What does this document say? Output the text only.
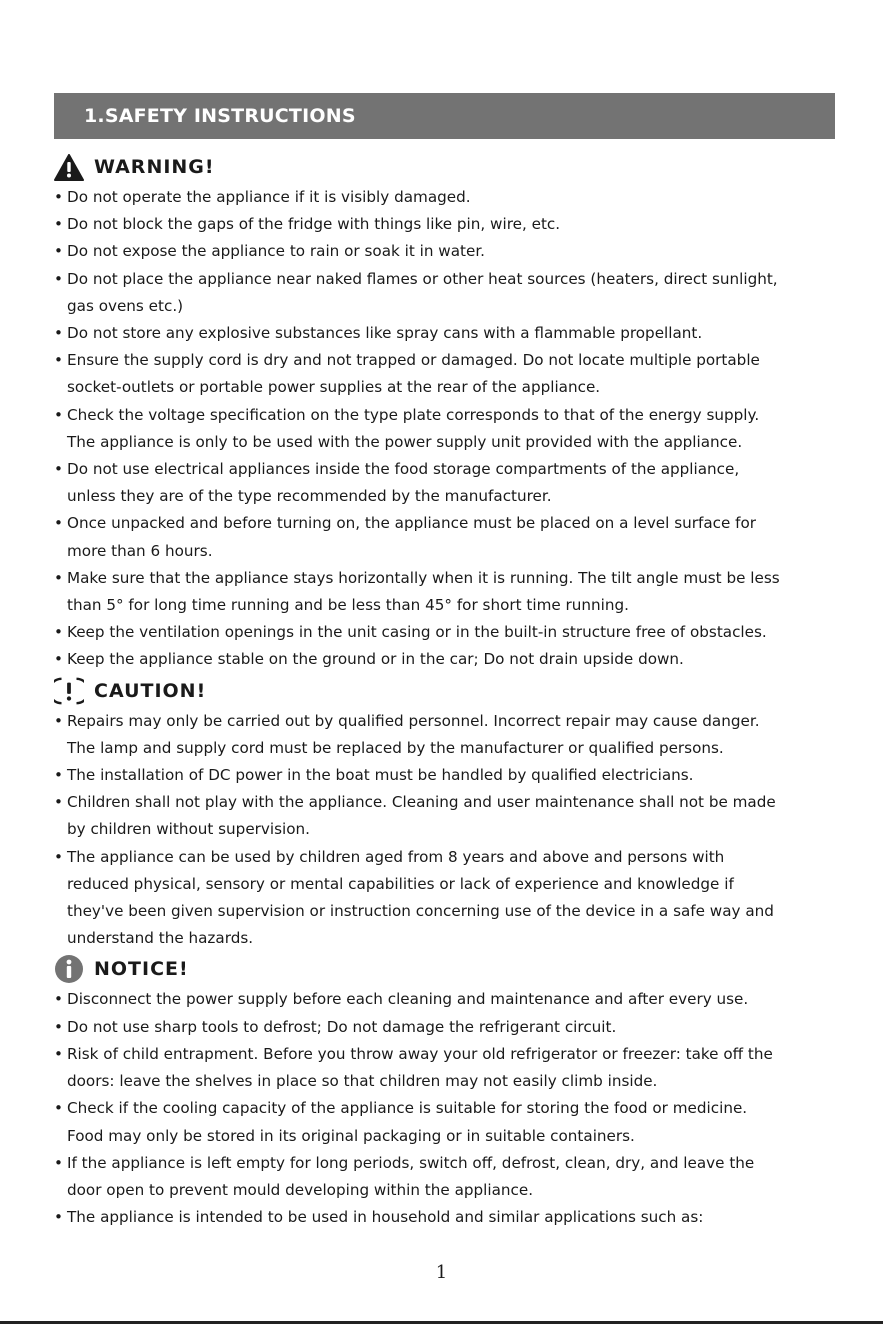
1.SAFETY INSTRUCTIONS
WARNING!
• Do not operate the appliance if it is visibly damaged.
• Do not block the gaps of the fridge with things like pin, wire, etc.
• Do not expose the appliance to rain or soak it in water.
• Do not place the appliance near naked flames or other heat sources (heaters, direct sunlight,
gas ovens etc.)
• Do not store any explosive substances like spray cans with a flammable propellant.
• Ensure the supply cord is dry and not trapped or damaged. Do not locate multiple portable
socket-outlets or portable power supplies at the rear of the appliance.
• Check the voltage specification on the type plate corresponds to that of the energy supply.
The appliance is only to be used with the power supply unit provided with the appliance.
• Do not use electrical appliances inside the food storage compartments of the appliance,
unless they are of the type recommended by the manufacturer.
• Once unpacked and before turning on, the appliance must be placed on a level surface for
more than 6 hours.
• Make sure that the appliance stays horizontally when it is running. The tilt angle must be less
than 5° for long time running and be less than 45° for short time running.
• Keep the ventilation openings in the unit casing or in the built-in structure free of obstacles.
• Keep the appliance stable on the ground or in the car; Do not drain upside down.
CAUTION!
• Repairs may only be carried out by qualified personnel. Incorrect repair may cause danger.
The lamp and supply cord must be replaced by the manufacturer or qualified persons.
• The installation of DC power in the boat must be handled by qualified electricians.
• Children shall not play with the appliance. Cleaning and user maintenance shall not be made
by children without supervision.
• The appliance can be used by children aged from 8 years and above and persons with
reduced physical, sensory or mental capabilities or lack of experience and knowledge if
they've been given supervision or instruction concerning use of the device in a safe way and
understand the hazards.
NOTICE!
• Disconnect the power supply before each cleaning and maintenance and after every use.
• Do not use sharp tools to defrost; Do not damage the refrigerant circuit.
• Risk of child entrapment. Before you throw away your old refrigerator or freezer: take off the
doors: leave the shelves in place so that children may not easily climb inside.
• Check if the cooling capacity of the appliance is suitable for storing the food or medicine.
Food may only be stored in its original packaging or in suitable containers.
• If the appliance is left empty for long periods, switch off, defrost, clean, dry, and leave the
door open to prevent mould developing within the appliance.
• The appliance is intended to be used in household and similar applications such as:
1
